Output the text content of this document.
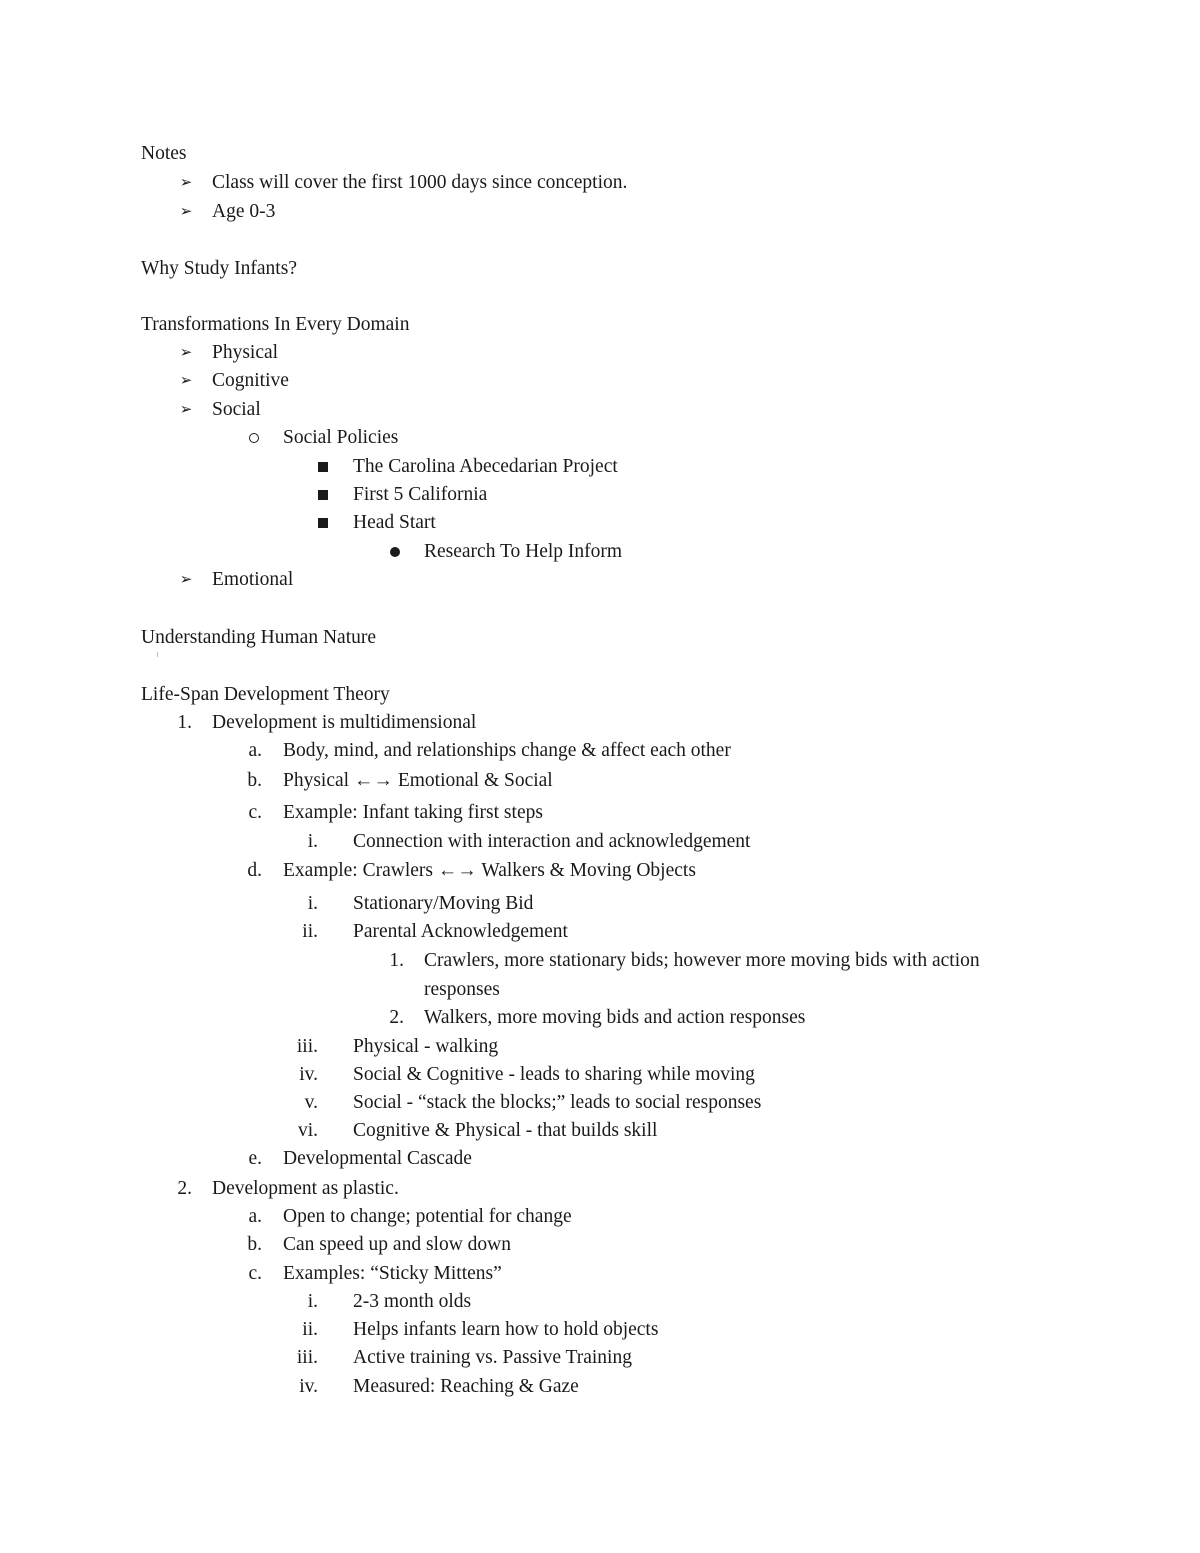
Notes
➢ Class will cover the first 1000 days since conception.
➢ Age 0-3
Why Study Infants?
Transformations In Every Domain
➢ Physical
➢ Cognitive
➢ Social
Social Policies
The Carolina Abecedarian Project
First 5 California
Head Start
Research To Help Inform
➢ Emotional
Understanding Human Nature
Life-Span Development Theory
1. Development is multidimensional
a. Body, mind, and relationships change & affect each other
b. Physical ←→ Emotional & Social
c. Example: Infant taking first steps
i. Connection with interaction and acknowledgement
d. Example: Crawlers ←→ Walkers & Moving Objects
i. Stationary/Moving Bid
ii. Parental Acknowledgement
1. Crawlers, more stationary bids; however more moving bids with action
responses
2. Walkers, more moving bids and action responses
iii. Physical - walking
iv. Social & Cognitive - leads to sharing while moving
v. Social - “stack the blocks;” leads to social responses
vi. Cognitive & Physical - that builds skill
e. Developmental Cascade
2. Development as plastic.
a. Open to change; potential for change
b. Can speed up and slow down
c. Examples: “Sticky Mittens”
i. 2-3 month olds
ii. Helps infants learn how to hold objects
iii. Active training vs. Passive Training
iv. Measured: Reaching & Gaze
